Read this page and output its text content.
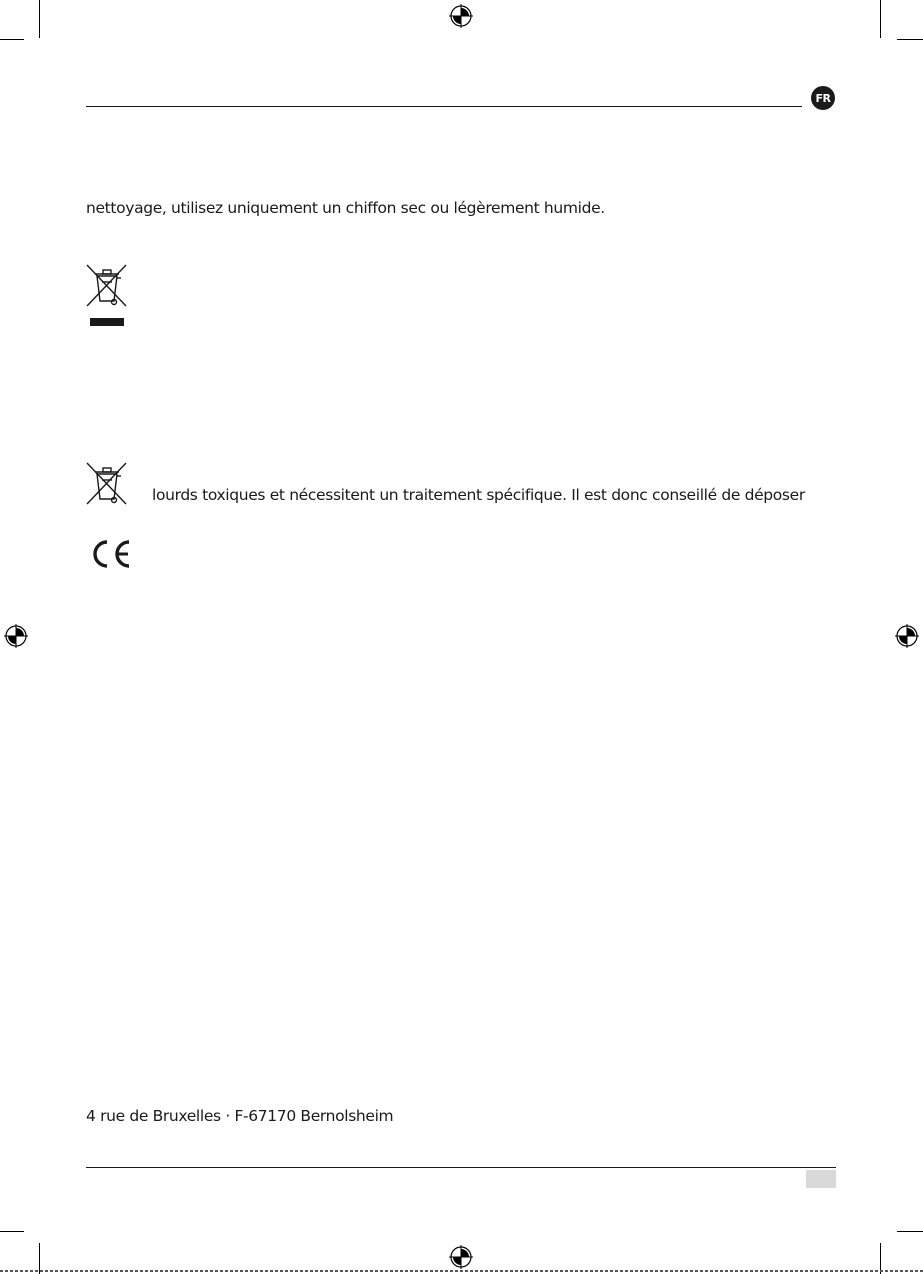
FR
nettoyage, utilisez uniquement un chiffon sec ou légèrement humide.
lourds toxiques et nécessitent un traitement spécifique. Il est donc conseillé de déposer
4 rue de Bruxelles · F-67170 Bernolsheim
